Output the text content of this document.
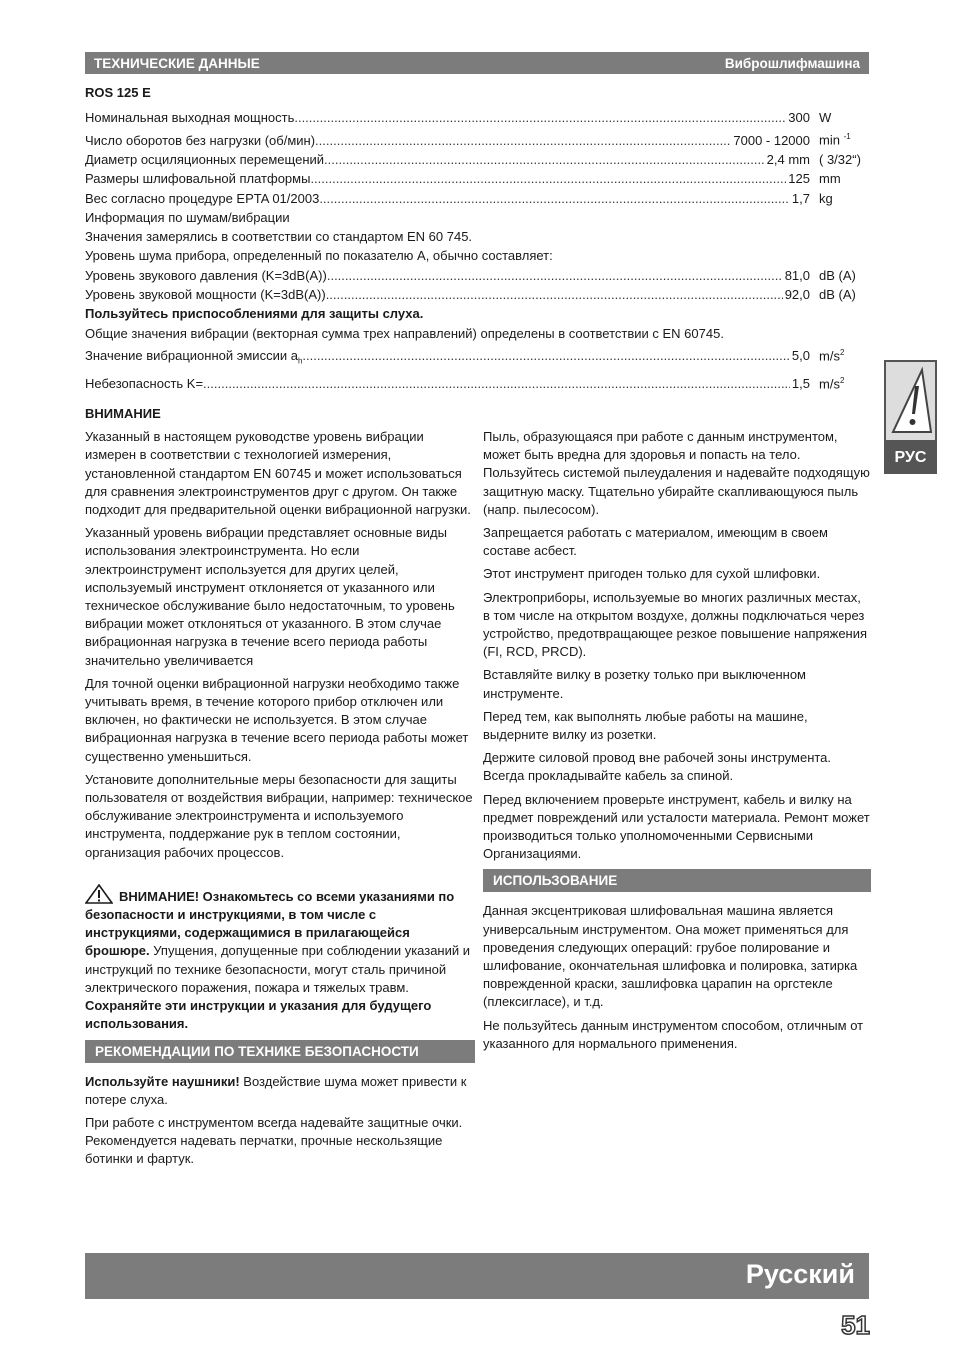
ТЕХНИЧЕСКИЕ ДАННЫЕ	Виброшлифмашина
ROS 125 E
Номинальная выходная мощность .....	300 W
Число оборотов без нагрузки (об/мин) .....	7000 - 12000 min $^{-1}$
Диаметр осциляционных перемещений .....	2,4 mm ( 3/32“)
Размеры шлифовальной платформы .....	125 mm
Вес согласно процедуре EPTA 01/2003 .....	1,7 kg
Информация по шумам/вибрации
Значения замерялись в соответствии со стандартом EN 60 745.
Уровень шума прибора, определенный по показателю А, обычно составляет:
Уровень звукового давления (K=3dB(A)) .....	81,0 dB (A)
Уровень звуковой мощности (K=3dB(A)) .....	92,0 dB (A)
Пользуйтесь приспособлениями для защиты слуха.
Общие значения вибрации (векторная сумма трех направлений) определены в соответствии с EN 60745.
Значение вибрационной эмиссии $a_h$ .....	5,0 $m/s^2$
Небезопасность K= .....	1,5 $m/s^2$

ВНИМАНИЕ

Указанный в настоящем руководстве уровень вибрации измерен в соответствии с технологией измерения, установленной стандартом EN 60745 и может использоваться для сравнения электроинструментов друг с другом. Он также подходит для предварительной оценки вибрационной нагрузки.

Указанный уровень вибрации представляет основные виды использования электроинструмента. Но если электроинструмент используется для других целей, используемый инструмент отклоняется от указанного или техническое обслуживание было недостаточным, то уровень вибрации может отклоняться от указанного. В этом случае вибрационная нагрузка в течение всего периода работы значительно увеличивается

Для точной оценки вибрационной нагрузки необходимо также учитывать время, в течение которого прибор отключен или включен, но фактически не используется. В этом случае вибрационная нагрузка в течение всего периода работы может существенно уменьшиться.

Установите дополнительные меры безопасности для защиты пользователя от воздействия вибрации, например: техническое обслуживание электроинструмента и используемого инструмента, поддержание рук в теплом состоянии, организация рабочих процессов.

ВНИМАНИЕ! Ознакомьтесь со всеми указаниями по безопасности и инструкциями, в том числе с инструкциями, содержащимися в прилагающейся брошюре. Упущения, допущенные при соблюдении указаний и инструкций по технике безопасности, могут сталь причиной электрического поражения, пожара и тяжелых травм. Сохраняйте эти инструкции и указания для будущего использования.

РЕКОМЕНДАЦИИ ПО ТЕХНИКЕ БЕЗОПАСНОСТИ

Используйте наушники! Воздействие шума может привести к потере слуха.

При работе с инструментом всегда надевайте защитные очки. Рекомендуется надевать перчатки, прочные нескользящие ботинки и фартук.

Пыль, образующаяся при работе с данным инструментом, может быть вредна для здоровья и попасть на тело. Пользуйтесь системой пылеудаления и надевайте подходящую защитную маску. Тщательно убирайте скапливающуюся пыль (напр. пылесосом).

Запрещается работать с материалом, имеющим в своем составе асбест.

Этот инструмент пригоден только для сухой шлифовки.

Электроприборы, используемые во многих различных местах, в том числе на открытом воздухе, должны подключаться через устройство, предотвращающее резкое повышение напряжения (FI, RCD, PRCD).

Вставляйте вилку в розетку только при выключенном инструменте.

Перед тем, как выполнять любые работы на машине, выдерните вилку из розетки.

Держите силовой провод вне рабочей зоны инструмента. Всегда прокладывайте кабель за спиной.

Перед включением проверьте инструмент, кабель и вилку на предмет повреждений или усталости материала. Ремонт может производиться только уполномоченными Сервисными Организациями.

ИСПОЛЬЗОВАНИЕ

Данная эксцентриковая шлифовальная машина является универсальным инструментом. Она может применяться для проведения следующих операций: грубое полирование и шлифование, окончательная шлифовка и полировка, затирка поврежденной краски, зашлифовка царапин на оргстекле (плексигласе), и т.д.

Не пользуйтесь данным инструментом способом, отличным от указанного для нормального применения.

РУС
Русский
51
